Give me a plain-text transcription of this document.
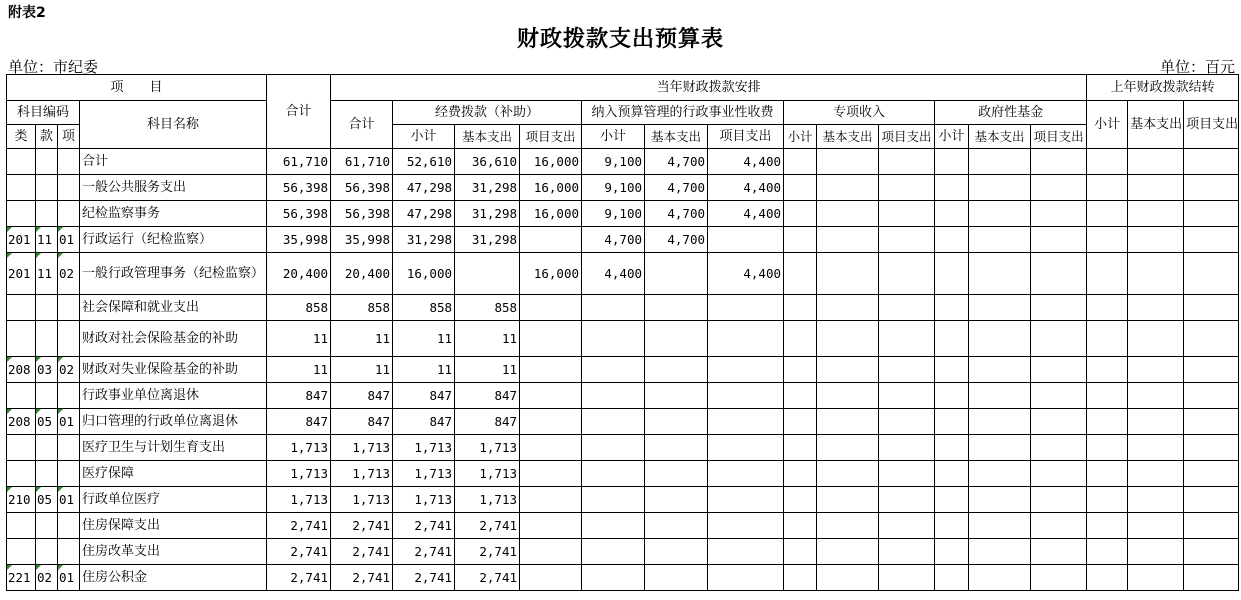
附表2
财政拨款支出预算表
单位：市纪委	单位：百元
项　　目				合计	当年财政拨款安排													上年财政拨款结转		
科目编码			科目名称		合计	经费拨款（补助）			纳入预算管理的行政事业性收费			专项收入			政府性基金			小计	基本支出	项目支出
类	款	项				小计	基本支出	项目支出	小计	基本支出	项目支出	小计	基本支出	项目支出	小计	基本支出	项目支出			
			合计	61,710	61,710	52,610	36,610	16,000	9,100	4,700	4,400									
			一般公共服务支出	56,398	56,398	47,298	31,298	16,000	9,100	4,700	4,400									
			纪检监察事务	56,398	56,398	47,298	31,298	16,000	9,100	4,700	4,400									
201	11	01	行政运行（纪检监察）	35,998	35,998	31,298	31,298		4,700	4,700										
201	11	02	一般行政管理事务（纪检监察）	20,400	20,400	16,000		16,000	4,400		4,400									
			社会保障和就业支出	858	858	858	858													
			财政对社会保险基金的补助	11	11	11	11													
208	03	02	财政对失业保险基金的补助	11	11	11	11													
			行政事业单位离退休	847	847	847	847													
208	05	01	归口管理的行政单位离退休	847	847	847	847													
			医疗卫生与计划生育支出	1,713	1,713	1,713	1,713													
			医疗保障	1,713	1,713	1,713	1,713													
210	05	01	行政单位医疗	1,713	1,713	1,713	1,713													
			住房保障支出	2,741	2,741	2,741	2,741													
			住房改革支出	2,741	2,741	2,741	2,741													
221	02	01	住房公积金	2,741	2,741	2,741	2,741													
